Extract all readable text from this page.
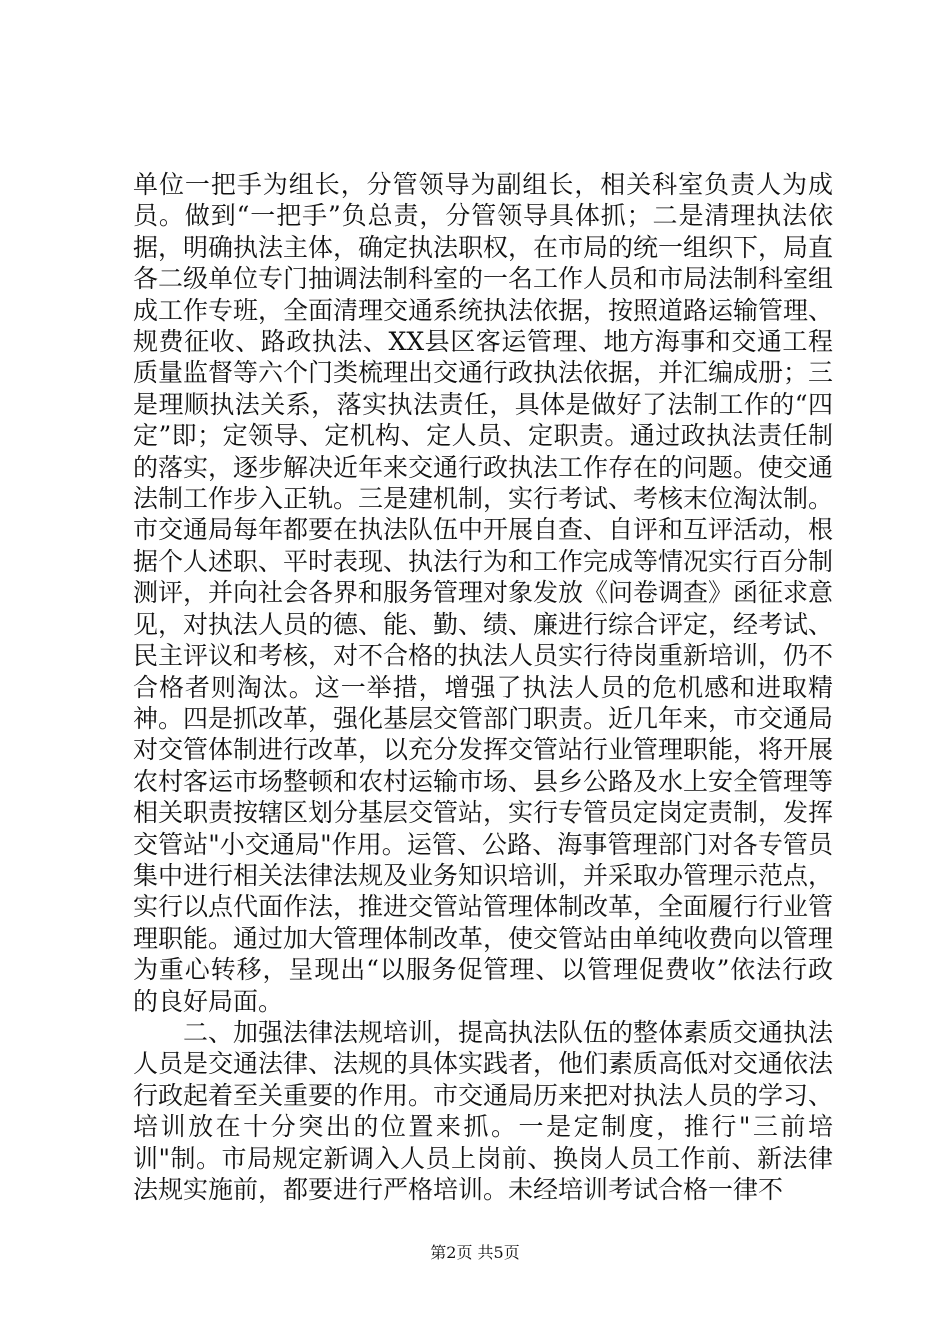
单位一把手为组长，分管领导为副组长，相关科室负责人为成员。做到“一把手”负总责，分管领导具体抓；二是清理执法依据，明确执法主体，确定执法职权，在市局的统一组织下，局直各二级单位专门抽调法制科室的一名工作人员和市局法制科室组成工作专班，全面清理交通系统执法依据，按照道路运输管理、规费征收、路政执法、XX县区客运管理、地方海事和交通工程质量监督等六个门类梳理出交通行政执法依据，并汇编成册；三是理顺执法关系，落实执法责任，具体是做好了法制工作的“四定”即；定领导、定机构、定人员、定职责。通过政执法责任制的落实，逐步解决近年来交通行政执法工作存在的问题。使交通法制工作步入正轨。三是建机制，实行考试、考核末位淘汰制。市交通局每年都要在执法队伍中开展自查、自评和互评活动，根据个人述职、平时表现、执法行为和工作完成等情况实行百分制测评，并向社会各界和服务管理对象发放《问卷调查》函征求意见，对执法人员的德、能、勤、绩、廉进行综合评定，经考试、民主评议和考核，对不合格的执法人员实行待岗重新培训，仍不合格者则淘汰。这一举措，增强了执法人员的危机感和进取精神。四是抓改革，强化基层交管部门职责。近几年来，市交通局对交管体制进行改革，以充分发挥交管站行业管理职能，将开展农村客运市场整顿和农村运输市场、县乡公路及水上安全管理等相关职责按辖区划分基层交管站，实行专管员定岗定责制，发挥交管站"小交通局"作用。运管、公路、海事管理部门对各专管员集中进行相关法律法规及业务知识培训，并采取办管理示范点，实行以点代面作法，推进交管站管理体制改革，全面履行行业管理职能。通过加大管理体制改革，使交管站由单纯收费向以管理为重心转移，呈现出“以服务促管理、以管理促费收”依法行政的良好局面。

二、加强法律法规培训，提高执法队伍的整体素质交通执法人员是交通法律、法规的具体实践者，他们素质高低对交通依法行政起着至关重要的作用。市交通局历来把对执法人员的学习、培训放在十分突出的位置来抓。一是定制度，推行"三前培训"制。市局规定新调入人员上岗前、换岗人员工作前、新法律法规实施前，都要进行严格培训。未经培训考试合格一律不

第2页 共5页
